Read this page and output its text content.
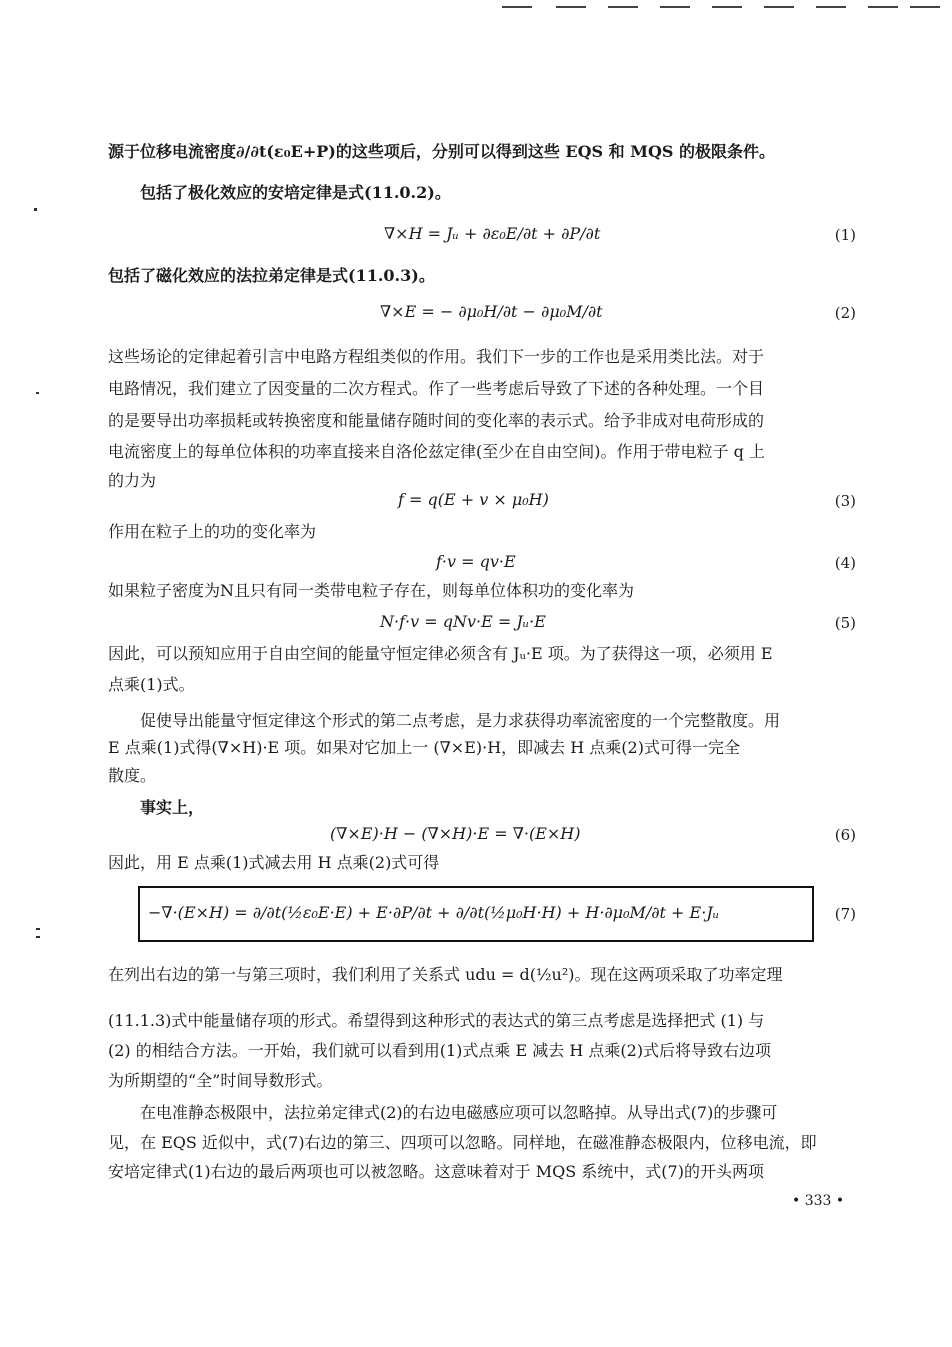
源于位移电流密度∂/∂t(ε₀E+P)的这些项后，分别可以得到这些 EQS 和 MQS 的极限条件。
包括了极化效应的安培定律是式(11.0.2)。
∇×H = Jᵤ + ∂ε₀E/∂t + ∂P/∂t	(1)
包括了磁化效应的法拉弟定律是式(11.0.3)。
∇×E = − ∂μ₀H/∂t − ∂μ₀M/∂t	(2)
这些场论的定律起着引言中电路方程组类似的作用。我们下一步的工作也是采用类比法。对于
电路情况，我们建立了因变量的二次方程式。作了一些考虑后导致了下述的各种处理。一个目
的是要导出功率损耗或转换密度和能量储存随时间的变化率的表示式。给予非成对电荷形成的
电流密度上的每单位体积的功率直接来自洛伦兹定律(至少在自由空间)。作用于带电粒子 q 上
的力为
f = q(E + v × μ₀H)	(3)
作用在粒子上的功的变化率为
f·v = qv·E	(4)
如果粒子密度为N且只有同一类带电粒子存在，则每单位体积功的变化率为
N·f·v = qNv·E = Jᵤ·E	(5)
因此，可以预知应用于自由空间的能量守恒定律必须含有 Jᵤ·E 项。为了获得这一项，必须用 E
点乘(1)式。
促使导出能量守恒定律这个形式的第二点考虑，是力求获得功率流密度的一个完整散度。用
E 点乘(1)式得(∇×H)·E 项。如果对它加上一 (∇×E)·H，即减去 H 点乘(2)式可得一完全
散度。
事实上，
(∇×E)·H − (∇×H)·E = ∇·(E×H)	(6)
因此，用 E 点乘(1)式减去用 H 点乘(2)式可得
−∇·(E×H) = ∂/∂t(½ε₀E·E) + E·∂P/∂t + ∂/∂t(½μ₀H·H) + H·∂μ₀M/∂t + E·Jᵤ	(7)
在列出右边的第一与第三项时，我们利用了关系式 udu = d(½u²)。现在这两项采取了功率定理
(11.1.3)式中能量储存项的形式。希望得到这种形式的表达式的第三点考虑是选择把式 (1) 与
(2) 的相结合方法。一开始，我们就可以看到用(1)式点乘 E 减去 H 点乘(2)式后将导致右边项
为所期望的“全”时间导数形式。
在电准静态极限中，法拉弟定律式(2)的右边电磁感应项可以忽略掉。从导出式(7)的步骤可
见，在 EQS 近似中，式(7)右边的第三、四项可以忽略。同样地，在磁准静态极限内，位移电流，即
安培定律式(1)右边的最后两项也可以被忽略。这意味着对于 MQS 系统中，式(7)的开头两项
• 333 •
